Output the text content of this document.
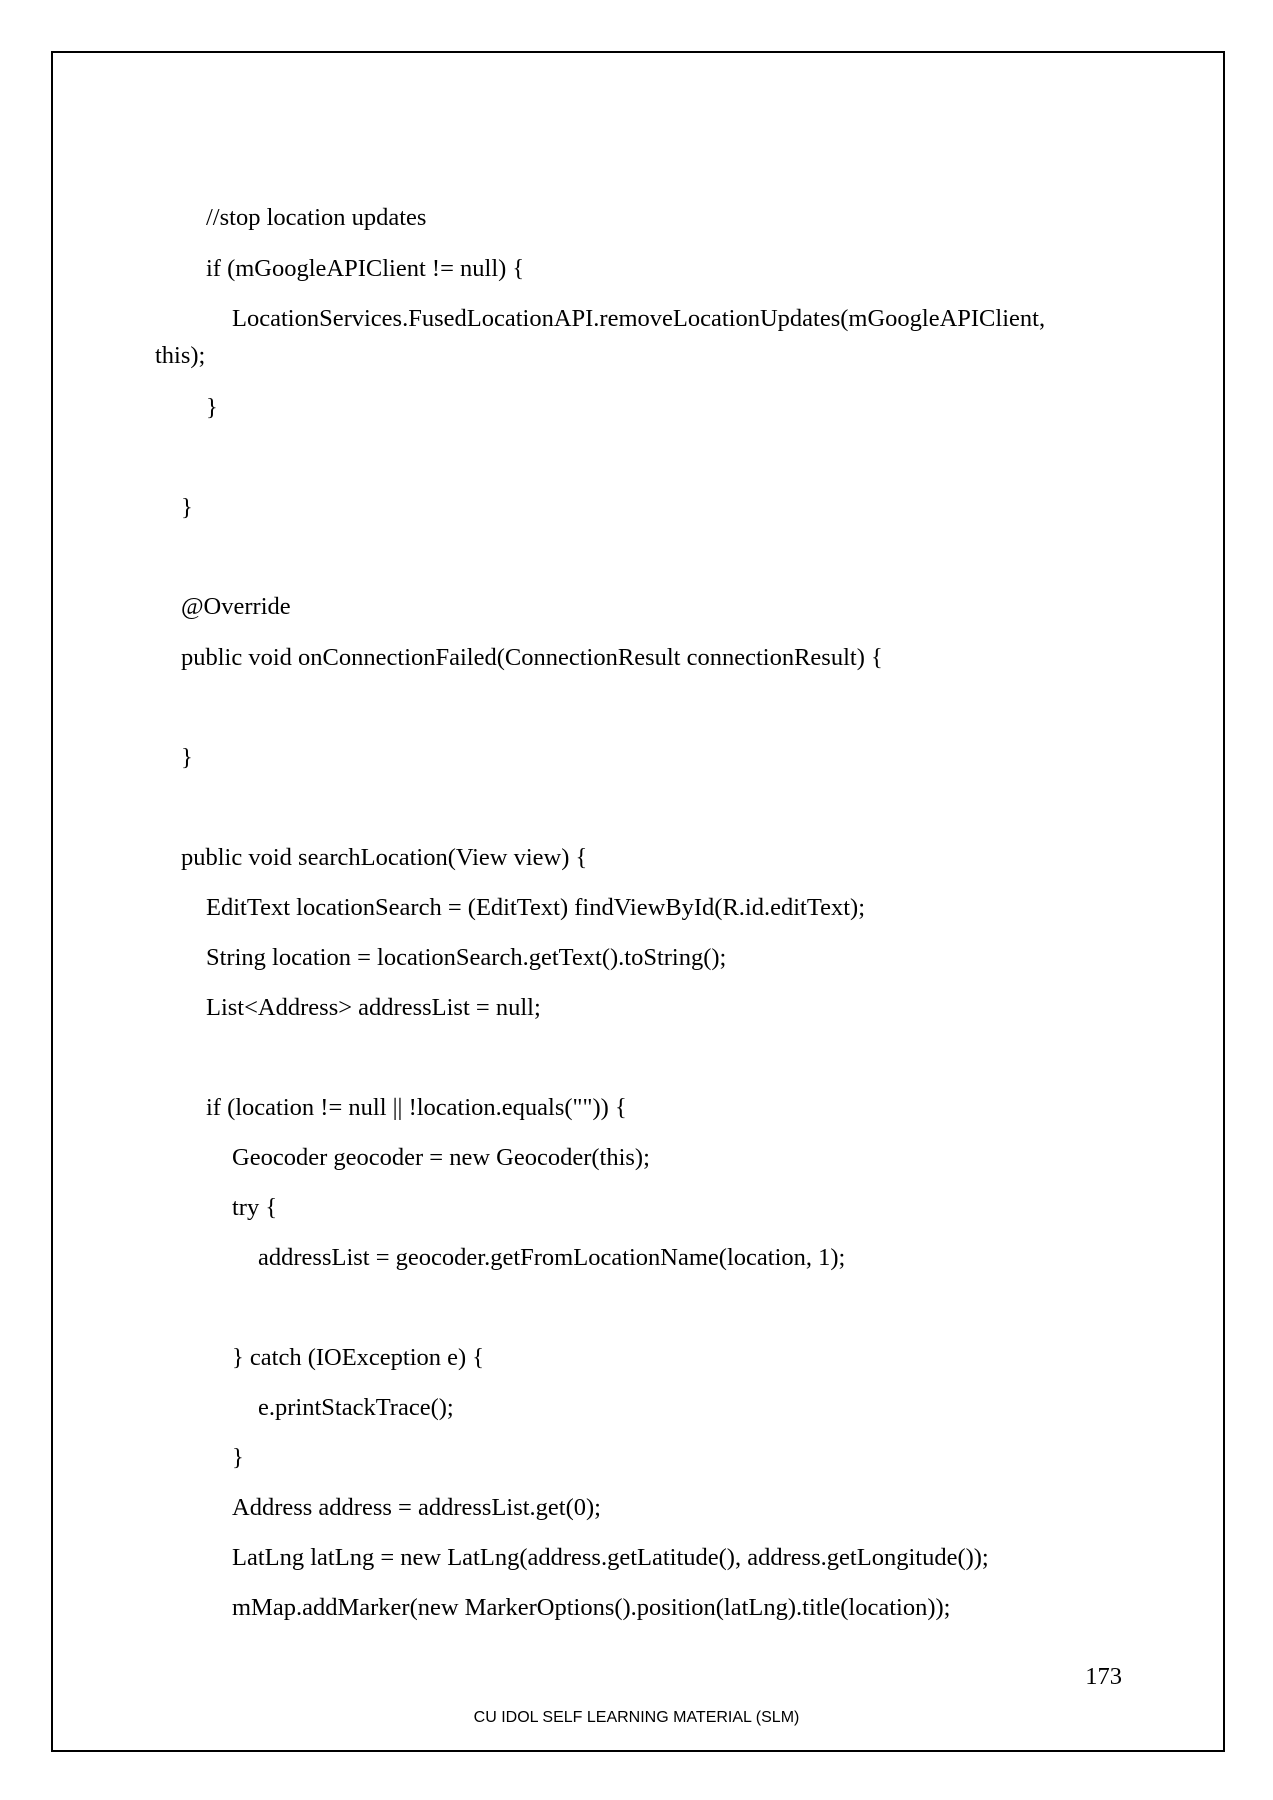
//stop location updates
if (mGoogleAPIClient != null) {
LocationServices.FusedLocationAPI.removeLocationUpdates(mGoogleAPIClient,
this);
}
}
@Override
public void onConnectionFailed(ConnectionResult connectionResult) {
}
public void searchLocation(View view) {
EditText locationSearch = (EditText) findViewById(R.id.editText);
String location = locationSearch.getText().toString();
List<Address> addressList = null;
if (location != null || !location.equals("")) {
Geocoder geocoder = new Geocoder(this);
try {
addressList = geocoder.getFromLocationName(location, 1);
} catch (IOException e) {
e.printStackTrace();
}
Address address = addressList.get(0);
LatLng latLng = new LatLng(address.getLatitude(), address.getLongitude());
mMap.addMarker(new MarkerOptions().position(latLng).title(location));
173
CU IDOL SELF LEARNING MATERIAL (SLM)
